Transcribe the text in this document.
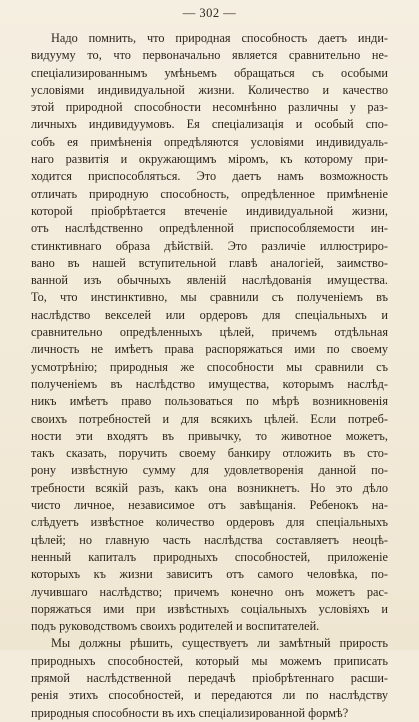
— 302 —
Надо помнить, что природная способность даетъ инди-
видууму то, что первоначально является сравнительно не-
спеціализированнымъ умѣньемъ обращаться съ особыми
условіями индивидуальной жизни. Количество и качество
этой природной способности несомнѣнно различны у раз-
личныхъ индивидуумовъ. Ея спеціализація и особый спо-
собъ ея примѣненія опредѣляются условіями индивидуаль-
наго развитія и окружающимъ міромъ, къ которому при-
ходится приспособляться. Это даетъ намъ возможность
отличать природную способность, опредѣленное примѣненіе
которой пріобрѣтается втеченіе индивидуальной жизни,
отъ наслѣдственно опредѣленной приспособляемости ин-
стинктивнаго образа дѣйствій. Это различіе иллюстриро-
вано въ нашей вступительной главѣ аналогіей, заимство-
ванной изъ обычныхъ явленій наслѣдованія имущества.
То, что инстинктивно, мы сравнили съ полученіемъ въ
наслѣдство векселей или ордеровъ для спеціальныхъ и
сравнительно опредѣленныхъ цѣлей, причемъ отдѣльная
личность не имѣетъ права распоряжаться ими по своему
усмотрѣнію; природныя же способности мы сравнили съ
полученіемъ въ наслѣдство имущества, которымъ наслѣд-
никъ имѣетъ право пользоваться по мѣрѣ возникновенія
своихъ потребностей и для всякихъ цѣлей. Если потреб-
ности эти входятъ въ привычку, то животное можетъ,
такъ сказать, поручить своему банкиру отложить въ сто-
рону извѣстную сумму для удовлетворенія данной по-
требности всякій разъ, какъ она возникнетъ. Но это дѣло
чисто личное, независимое отъ завѣщанія. Ребенокъ на-
слѣдуетъ извѣстное количество ордеровъ для спеціальныхъ
цѣлей; но главную часть наслѣдства составляетъ неоцѣ-
ненный капиталъ природныхъ способностей, приложеніе
которыхъ къ жизни зависитъ отъ самого человѣка, по-
лучившаго наслѣдство; причемъ конечно онъ можетъ рас-
поряжаться ими при извѣстныхъ соціальныхъ условіяхъ и
подъ руководствомъ своихъ родителей и воспитателей.
Мы должны рѣшить, существуетъ ли замѣтный прирость
природныхъ способностей, который мы можемъ приписать
прямой наслѣдственной передачѣ пріобрѣтеннаго расши-
ренія этихъ способностей, и передаются ли по наслѣдству
природныя способности въ ихъ спеціализированной формѣ?
